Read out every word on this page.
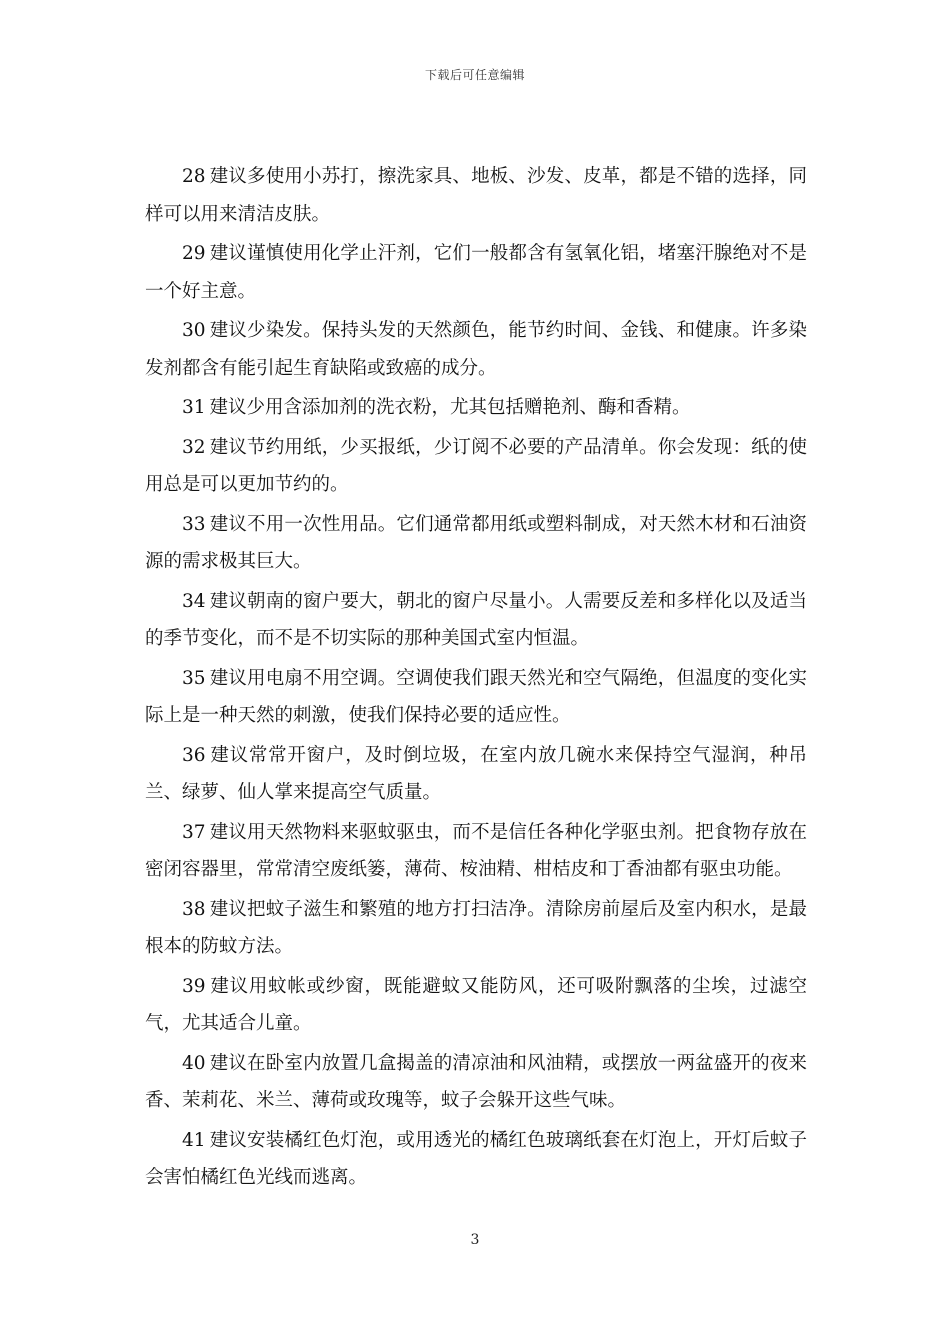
下载后可任意编辑

28 建议多使用小苏打，擦洗家具、地板、沙发、皮革，都是不错的选择，同样可以用来清洁皮肤。

29 建议谨慎使用化学止汗剂，它们一般都含有氢氧化铝，堵塞汗腺绝对不是一个好主意。

30 建议少染发。保持头发的天然颜色，能节约时间、金钱、和健康。许多染发剂都含有能引起生育缺陷或致癌的成分。

31 建议少用含添加剂的洗衣粉，尤其包括赠艳剂、酶和香精。

32 建议节约用纸，少买报纸，少订阅不必要的产品清单。你会发现：纸的使用总是可以更加节约的。

33 建议不用一次性用品。它们通常都用纸或塑料制成，对天然木材和石油资源的需求极其巨大。

34 建议朝南的窗户要大，朝北的窗户尽量小。人需要反差和多样化以及适当的季节变化，而不是不切实际的那种美国式室内恒温。

35 建议用电扇不用空调。空调使我们跟天然光和空气隔绝，但温度的变化实际上是一种天然的刺激，使我们保持必要的适应性。

36 建议常常开窗户，及时倒垃圾，在室内放几碗水来保持空气湿润，种吊兰、绿萝、仙人掌来提高空气质量。

37 建议用天然物料来驱蚊驱虫，而不是信任各种化学驱虫剂。把食物存放在密闭容器里，常常清空废纸篓，薄荷、桉油精、柑桔皮和丁香油都有驱虫功能。

38 建议把蚊子滋生和繁殖的地方打扫洁净。清除房前屋后及室内积水，是最根本的防蚊方法。

39 建议用蚊帐或纱窗，既能避蚊又能防风，还可吸附飘落的尘埃，过滤空气，尤其适合儿童。

40 建议在卧室内放置几盒揭盖的清凉油和风油精，或摆放一两盆盛开的夜来香、茉莉花、米兰、薄荷或玫瑰等，蚊子会躲开这些气味。

41 建议安装橘红色灯泡，或用透光的橘红色玻璃纸套在灯泡上，开灯后蚊子会害怕橘红色光线而逃离。

3
